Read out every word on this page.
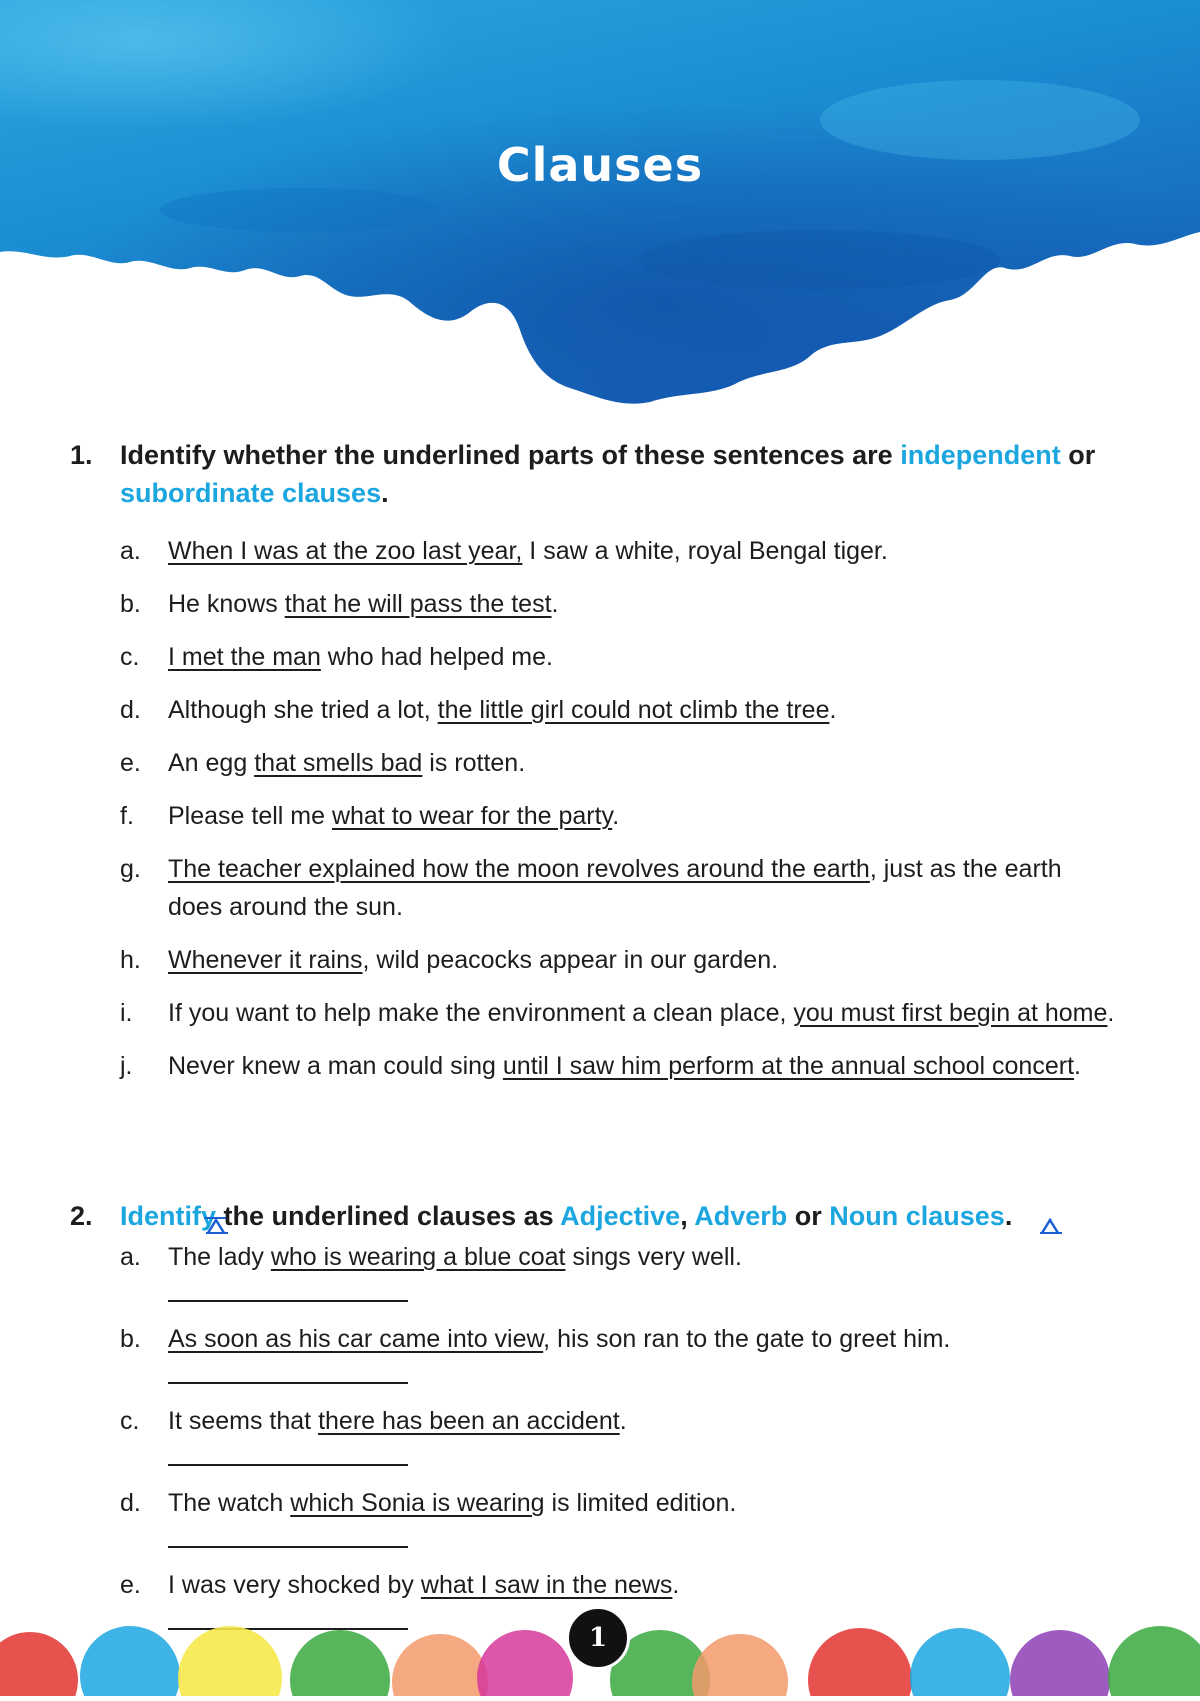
Clauses
1.	Identify whether the underlined parts of these sentences are independent or subordinate clauses.
a.	When I was at the zoo last year, I saw a white, royal Bengal tiger.
b.	He knows that he will pass the test.
c.	I met the man who had helped me.
d.	Although she tried a lot, the little girl could not climb the tree.
e.	An egg that smells bad is rotten.
f.	Please tell me what to wear for the party.
g.	The teacher explained how the moon revolves around the earth, just as the earth does around the sun.
h.	Whenever it rains, wild peacocks appear in our garden.
i.	If you want to help make the environment a clean place, you must first begin at home.
j.	Never knew a man could sing until I saw him perform at the annual school concert.
2.	Identify the underlined clauses as Adjective, Adverb or Noun clauses.
a.	The lady who is wearing a blue coat sings very well.
b.	As soon as his car came into view, his son ran to the gate to greet him.
c.	It seems that there has been an accident.
d.	The watch which Sonia is wearing is limited edition.
e.	I was very shocked by what I saw in the news.
1
